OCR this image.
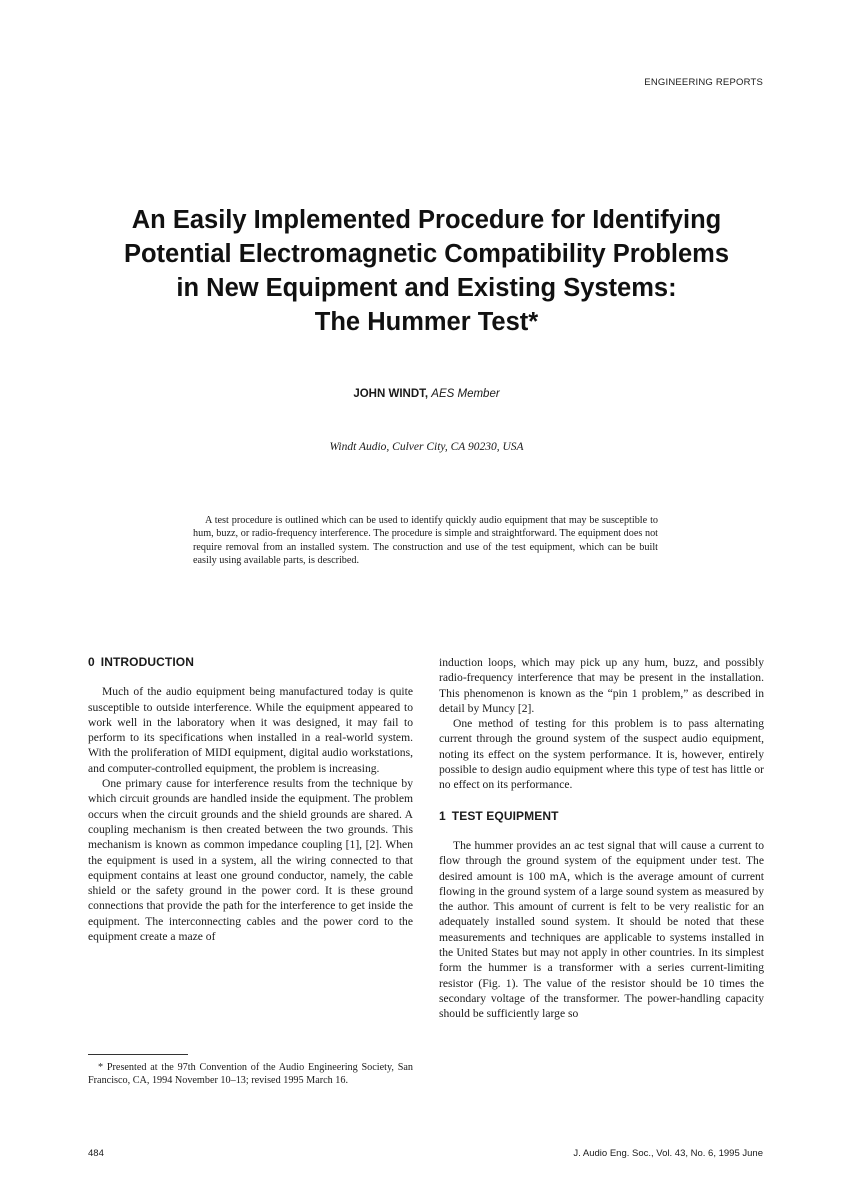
ENGINEERING REPORTS
An Easily Implemented Procedure for Identifying
Potential Electromagnetic Compatibility Problems
in New Equipment and Existing Systems:
The Hummer Test*
JOHN WINDT, AES Member
Windt Audio, Culver City, CA 90230, USA
A test procedure is outlined which can be used to identify quickly audio equipment that may be susceptible to hum, buzz, or radio-frequency interference. The procedure is simple and straightforward. The equipment does not require removal from an installed system. The construction and use of the test equipment, which can be built easily using available parts, is described.
0 INTRODUCTION

Much of the audio equipment being manufactured today is quite susceptible to outside interference. While the equipment appeared to work well in the laboratory when it was designed, it may fail to perform to its specifications when installed in a real-world system. With the proliferation of MIDI equipment, digital audio workstations, and computer-controlled equipment, the problem is increasing.

One primary cause for interference results from the technique by which circuit grounds are handled inside the equipment. The problem occurs when the circuit grounds and the shield grounds are shared. A coupling mechanism is then created between the two grounds. This mechanism is known as common impedance coupling [1], [2]. When the equipment is used in a system, all the wiring connected to that equipment contains at least one ground conductor, namely, the cable shield or the safety ground in the power cord. It is these ground connections that provide the path for the interference to get inside the equipment. The interconnecting cables and the power cord to the equipment create a maze of

induction loops, which may pick up any hum, buzz, and possibly radio-frequency interference that may be present in the installation. This phenomenon is known as the “pin 1 problem,” as described in detail by Muncy [2].

One method of testing for this problem is to pass alternating current through the ground system of the suspect audio equipment, noting its effect on the system performance. It is, however, entirely possible to design audio equipment where this type of test has little or no effect on its performance.

1 TEST EQUIPMENT

The hummer provides an ac test signal that will cause a current to flow through the ground system of the equipment under test. The desired amount is 100 mA, which is the average amount of current flowing in the ground system of a large sound system as measured by the author. This amount of current is felt to be very realistic for an adequately installed sound system. It should be noted that these measurements and techniques are applicable to systems installed in the United States but may not apply in other countries. In its simplest form the hummer is a transformer with a series current-limiting resistor (Fig. 1). The value of the resistor should be 10 times the secondary voltage of the transformer. The power-handling capacity should be sufficiently large so

* Presented at the 97th Convention of the Audio Engineering Society, San Francisco, CA, 1994 November 10–13; revised 1995 March 16.
484	J. Audio Eng. Soc., Vol. 43, No. 6, 1995 June
